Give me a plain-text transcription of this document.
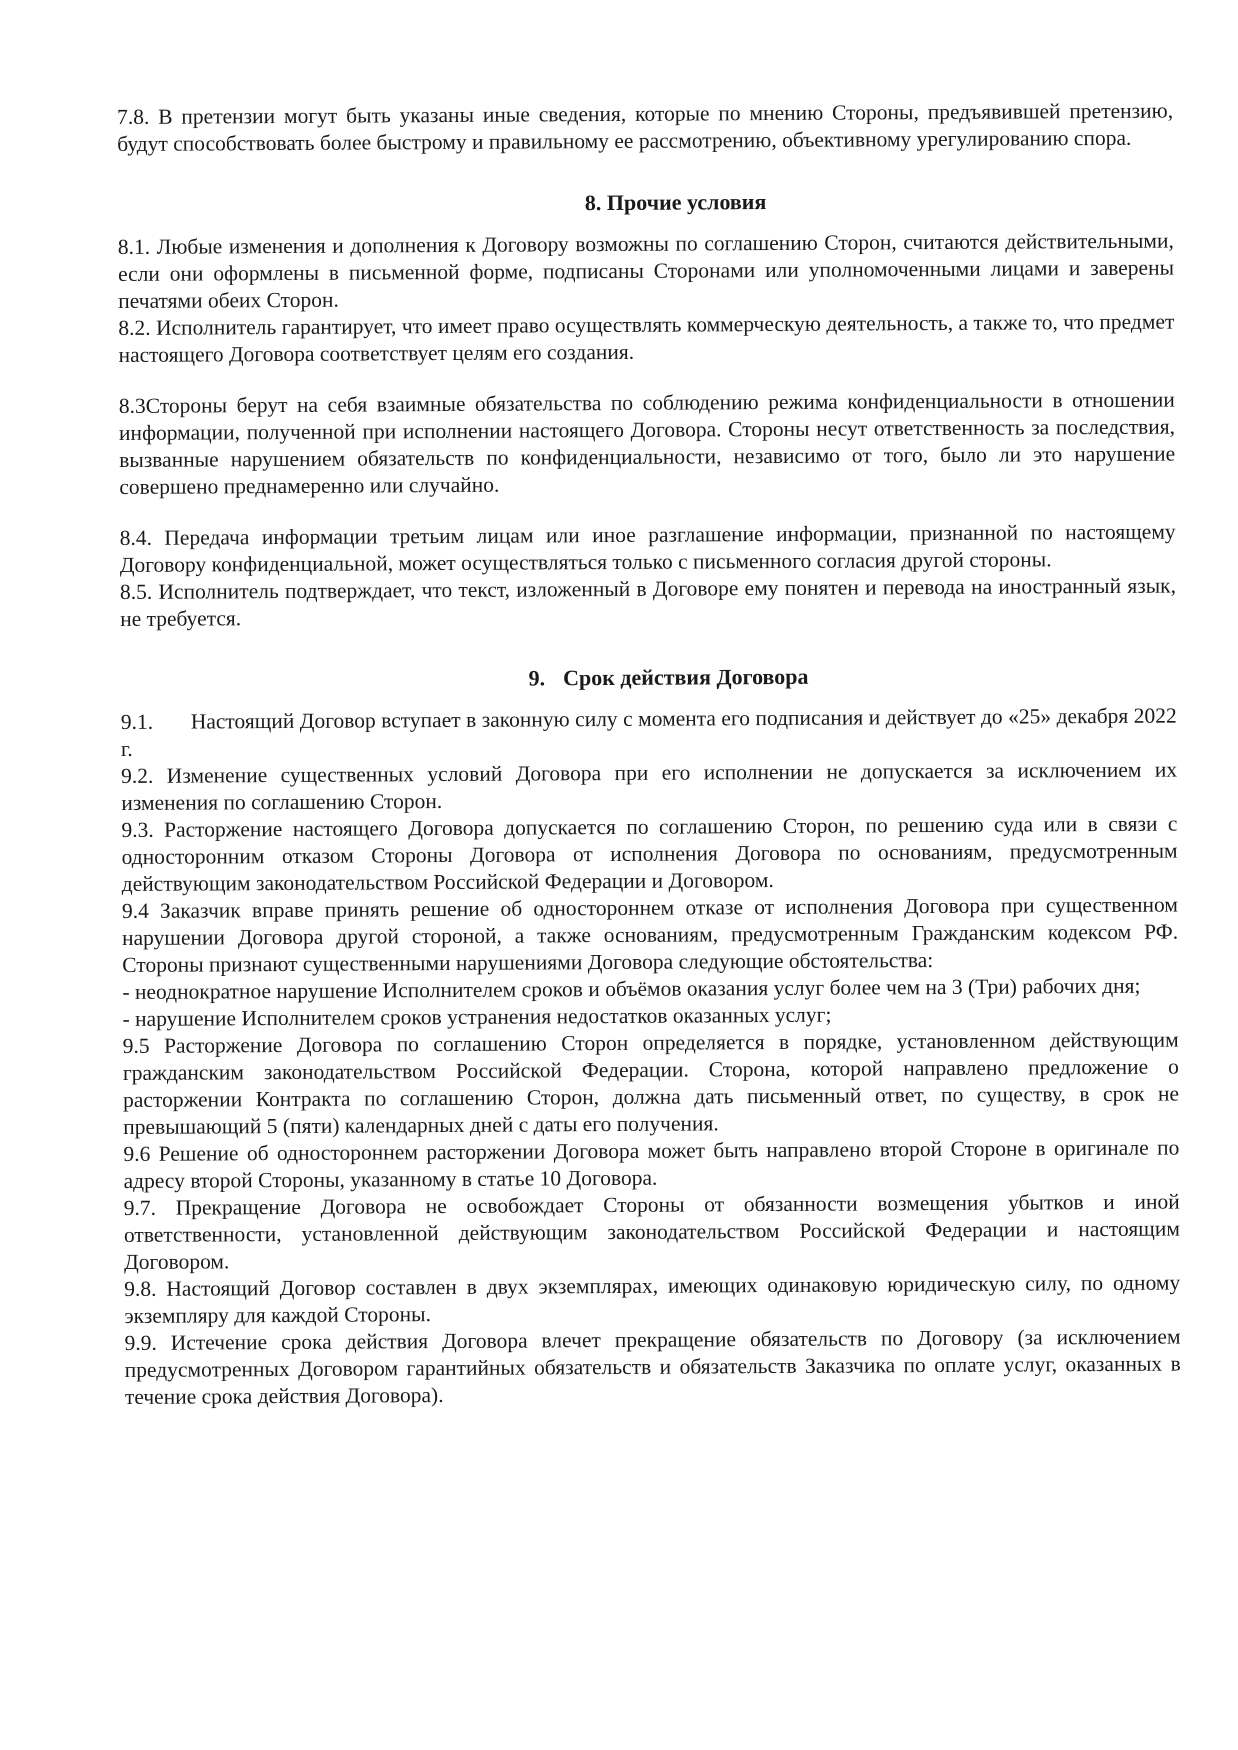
7.8. В претензии могут быть указаны иные сведения, которые по мнению Стороны, предъявившей претензию, будут способствовать более быстрому и правильному ее рассмотрению, объективному урегулированию спора.

8. Прочие условия

8.1. Любые изменения и дополнения к Договору возможны по соглашению Сторон, считаются действительными, если они оформлены в письменной форме, подписаны Сторонами или уполномоченными лицами и заверены печатями обеих Сторон.

8.2. Исполнитель гарантирует, что имеет право осуществлять коммерческую деятельность, а также то, что предмет настоящего Договора соответствует целям его создания.

8.3Стороны берут на себя взаимные обязательства по соблюдению режима конфиденциальности в отношении информации, полученной при исполнении настоящего Договора. Стороны несут ответственность за последствия, вызванные нарушением обязательств по конфиденциальности, независимо от того, было ли это нарушение совершено преднамеренно или случайно.

8.4. Передача информации третьим лицам или иное разглашение информации, признанной по настоящему Договору конфиденциальной, может осуществляться только с письменного согласия другой стороны.

8.5. Исполнитель подтверждает, что текст, изложенный в Договоре ему понятен и перевода на иностранный язык, не требуется.

9. Срок действия Договора

9.1. Настоящий Договор вступает в законную силу с момента его подписания и действует до «25» декабря 2022 г.

9.2. Изменение существенных условий Договора при его исполнении не допускается за исключением их изменения по соглашению Сторон.

9.3. Расторжение настоящего Договора допускается по соглашению Сторон, по решению суда или в связи с односторонним отказом Стороны Договора от исполнения Договора по основаниям, предусмотренным действующим законодательством Российской Федерации и Договором.

9.4 Заказчик вправе принять решение об одностороннем отказе от исполнения Договора при существенном нарушении Договора другой стороной, а также основаниям, предусмотренным Гражданским кодексом РФ. Стороны признают существенными нарушениями Договора следующие обстоятельства:

- неоднократное нарушение Исполнителем сроков и объёмов оказания услуг более чем на 3 (Три) рабочих дня;

- нарушение Исполнителем сроков устранения недостатков оказанных услуг;

9.5 Расторжение Договора по соглашению Сторон определяется в порядке, установленном действующим гражданским законодательством Российской Федерации. Сторона, которой направлено предложение о расторжении Контракта по соглашению Сторон, должна дать письменный ответ, по существу, в срок не превышающий 5 (пяти) календарных дней с даты его получения.

9.6 Решение об одностороннем расторжении Договора может быть направлено второй Стороне в оригинале по адресу второй Стороны, указанному в статье 10 Договора.

9.7. Прекращение Договора не освобождает Стороны от обязанности возмещения убытков и иной ответственности, установленной действующим законодательством Российской Федерации и настоящим Договором.

9.8. Настоящий Договор составлен в двух экземплярах, имеющих одинаковую юридическую силу, по одному экземпляру для каждой Стороны.

9.9. Истечение срока действия Договора влечет прекращение обязательств по Договору (за исключением предусмотренных Договором гарантийных обязательств и обязательств Заказчика по оплате услуг, оказанных в течение срока действия Договора).
